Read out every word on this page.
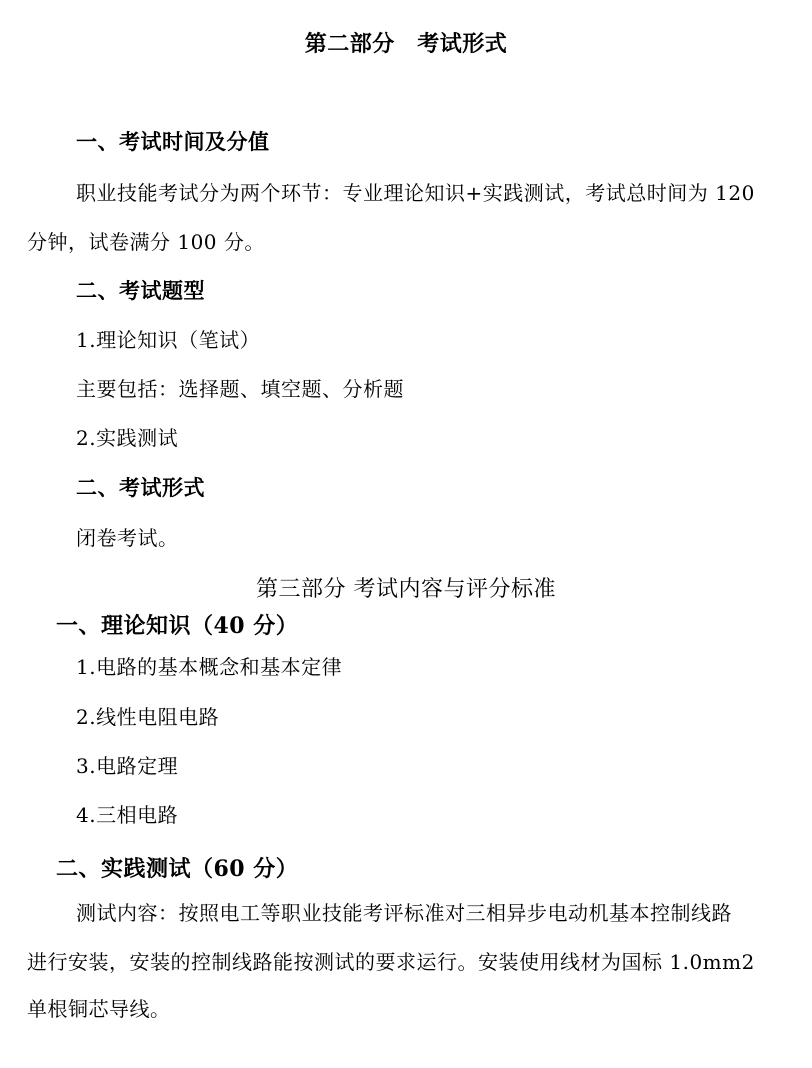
第二部分　考试形式
一、考试时间及分值
职业技能考试分为两个环节：专业理论知识+实践测试，考试总时间为 120
分钟，试卷满分 100 分。
二、考试题型
1.理论知识（笔试）
主要包括：选择题、填空题、分析题
2.实践测试
二、考试形式
闭卷考试。
第三部分 考试内容与评分标准
一、理论知识（40 分）
1.电路的基本概念和基本定律
2.线性电阻电路
3.电路定理
4.三相电路
二、实践测试（60 分）
测试内容：按照电工等职业技能考评标准对三相异步电动机基本控制线路
进行安装，安装的控制线路能按测试的要求运行。安装使用线材为国标 1.0mm2
单根铜芯导线。
